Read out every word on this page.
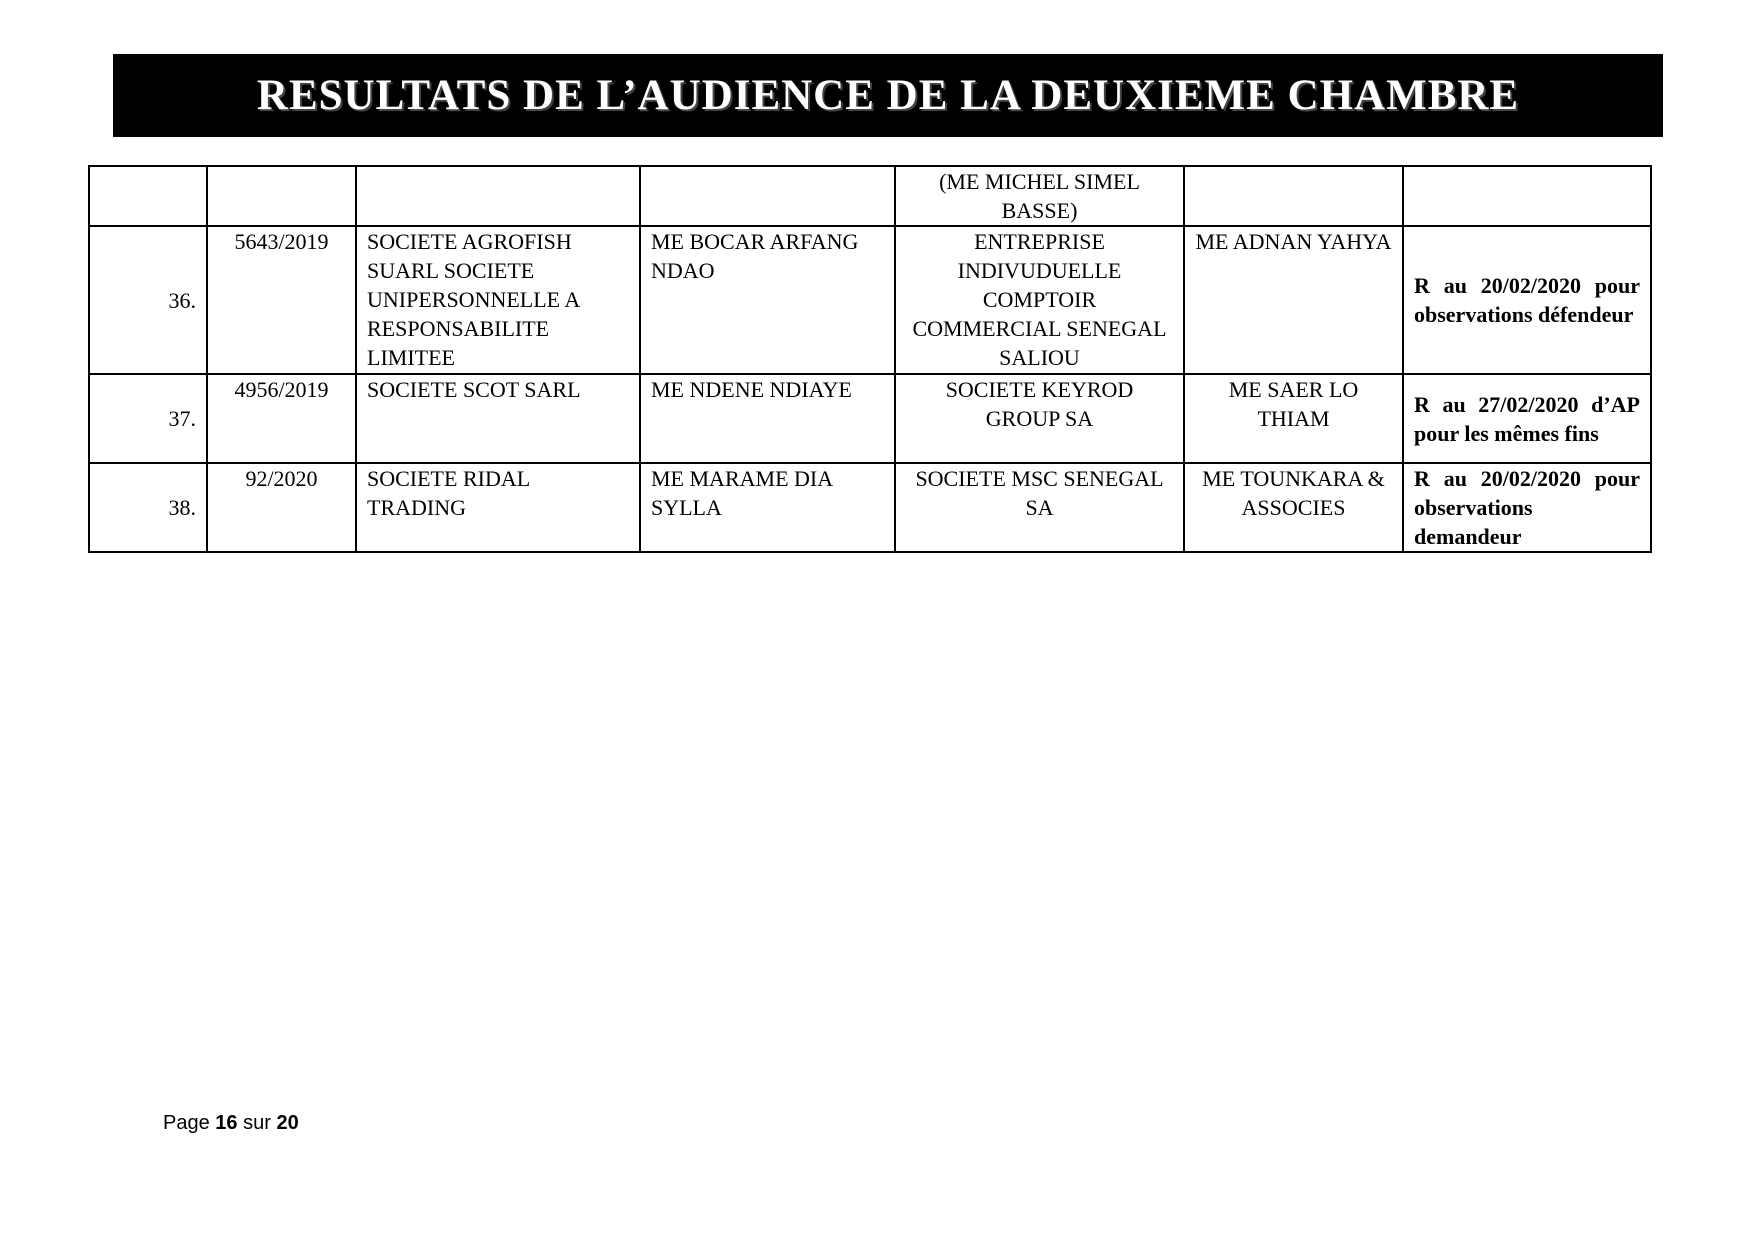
RESULTATS DE L’AUDIENCE DE LA DEUXIEME CHAMBRE
				(ME MICHEL SIMEL BASSE)		
36.	5643/2019	SOCIETE AGROFISH SUARL SOCIETE UNIPERSONNELLE A RESPONSABILITE LIMITEE	ME BOCAR ARFANG NDAO	ENTREPRISE INDIVUDUELLE COMPTOIR COMMERCIAL SENEGAL SALIOU	ME ADNAN YAHYA	R au 20/02/2020 pour observations défendeur
37.	4956/2019	SOCIETE SCOT SARL	ME NDENE NDIAYE	SOCIETE KEYROD GROUP SA	ME SAER LO THIAM	R au 27/02/2020 d’AP pour les mêmes fins
38.	92/2020	SOCIETE RIDAL TRADING	ME MARAME DIA SYLLA	SOCIETE MSC SENEGAL SA	ME TOUNKARA & ASSOCIES	R au 20/02/2020 pour observations demandeur
Page 16 sur 20
